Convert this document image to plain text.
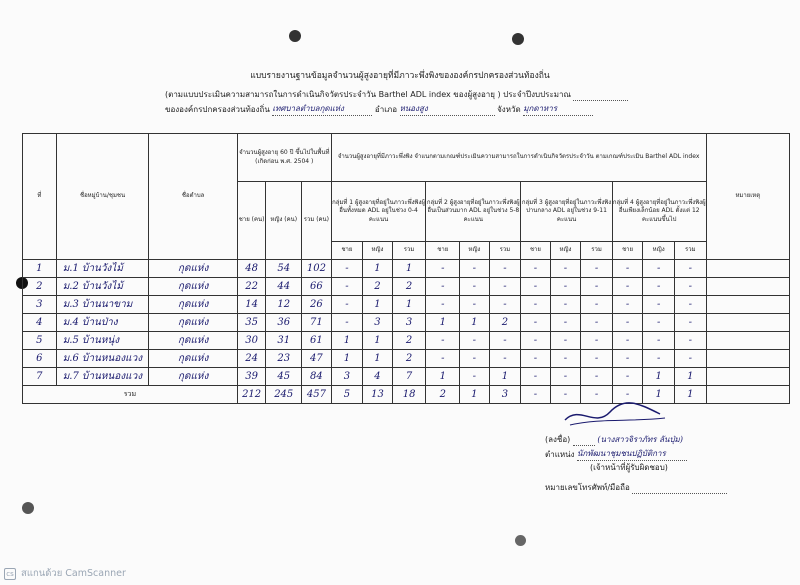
แบบรายงานฐานข้อมูลจำนวนผู้สูงอายุที่มีภาวะพึ่งพิงขององค์กรปกครองส่วนท้องถิ่น
(ตามแบบประเมินความสามารถในการดำเนินกิจวัตรประจำวัน Barthel ADL index ของผู้สูงอายุ ) ประจำปีงบประมาณ
ขององค์กรปกครองส่วนท้องถิ่น เทศบาลตำบลกุดแห่ง	อำเภอ หนองสูง	จังหวัด มุกดาหาร
ที่	ชื่อหมู่บ้าน/ชุมชน	ชื่อตำบล	จำนวนผู้สูงอายุ 60 ปี ขึ้นไปในพื้นที่ (เกิดก่อน พ.ศ. 2504 )			จำนวนผู้สูงอายุที่มีภาวะพึ่งพิง จำแนกตามเกณฑ์ประเมินความสามารถในการดำเนินกิจวัตรประจำวัน ตามเกณฑ์ประเมิน Barthel ADL index												หมายเหตุ
			ชาย (คน)	หญิง (คน)	รวม (คน)	กลุ่มที่ 1 ผู้สูงอายุที่อยู่ในภาวะพึ่งพิงผู้อื่นทั้งหมด ADL อยู่ในช่วง 0-4 คะแนน			กลุ่มที่ 2 ผู้สูงอายุที่อยู่ในภาวะพึ่งพิงผู้อื่นเป็นส่วนมาก ADL อยู่ในช่วง 5-8 คะแนน			กลุ่มที่ 3 ผู้สูงอายุที่อยู่ในภาวะพึ่งพิงปานกลาง ADL อยู่ในช่วง 9-11 คะแนน			กลุ่มที่ 4 ผู้สูงอายุที่อยู่ในภาวะพึ่งพิงผู้อื่นเพียงเล็กน้อย ADL ตั้งแต่ 12 คะแนนขึ้นไป			
						ชาย	หญิง	รวม	ชาย	หญิง	รวม	ชาย	หญิง	รวม	ชาย	หญิง	รวม	
1	ม.1 บ้านวังไม้	กุดแห่ง	48	54	102	-	1	1	-	-	-	-	-	-	-	-	-	
2	ม.2 บ้านวังไม้	กุดแห่ง	22	44	66	-	2	2	-	-	-	-	-	-	-	-	-	
3	ม.3 บ้านนาขาม	กุดแห่ง	14	12	26	-	1	1	-	-	-	-	-	-	-	-	-	
4	ม.4 บ้านป่าง	กุดแห่ง	35	36	71	-	3	3	1	1	2	-	-	-	-	-	-	
5	ม.5 บ้านหนุ่ง	กุดแห่ง	30	31	61	1	1	2	-	-	-	-	-	-	-	-	-	
6	ม.6 บ้านหนองแวง	กุดแห่ง	24	23	47	1	1	2	-	-	-	-	-	-	-	-	-	
7	ม.7 บ้านหนองแวง	กุดแห่ง	39	45	84	3	4	7	1	-	1	-	-	-	-	1	1	
รวม			212	245	457	5	13	18	2	1	3	-	-	-	-	1	1	
(ลงชื่อ)	(นางสาวจิราภัทร ลันปุ่ม)
ตำแหน่ง นักพัฒนาชุมชนปฏิบัติการ
(เจ้าหน้าที่ผู้รับผิดชอบ)
หมายเลขโทรศัพท์/มือถือ
cs สแกนด้วย CamScanner
